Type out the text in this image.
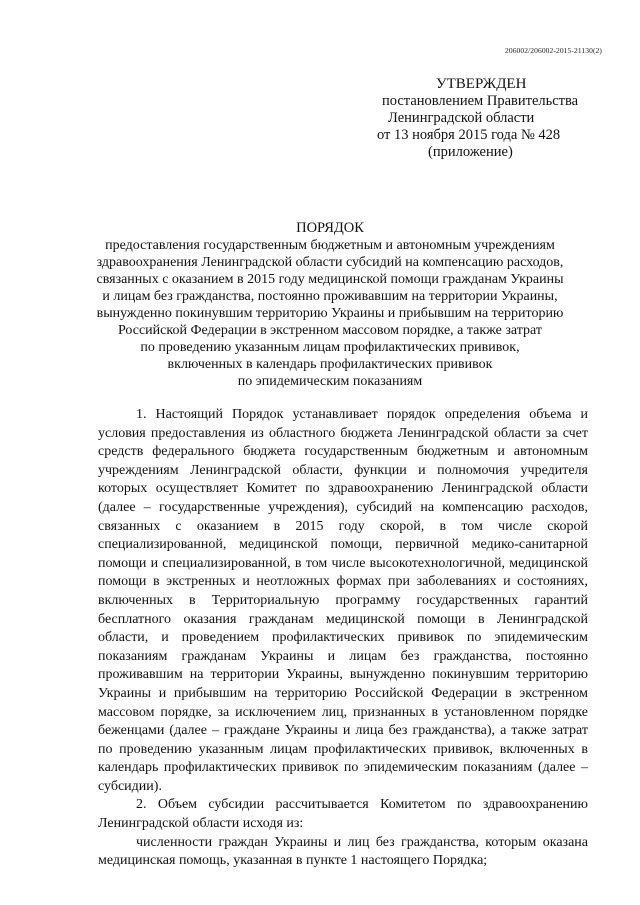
206002/206002-2015-21130(2)
УТВЕРЖДЕН
постановлением Правительства
Ленинградской области
от 13 ноября 2015 года № 428
(приложение)
ПОРЯДОК
предоставления государственным бюджетным и автономным учреждениям
здравоохранения Ленинградской области субсидий на компенсацию расходов,
связанных с оказанием в 2015 году медицинской помощи гражданам Украины
и лицам без гражданства, постоянно проживавшим на территории Украины,
вынужденно покинувшим территорию Украины и прибывшим на территорию
Российской Федерации в экстренном массовом порядке, а также затрат
по проведению указанным лицам профилактических прививок,
включенных в календарь профилактических прививок
по эпидемическим показаниям

1. Настоящий Порядок устанавливает порядок определения объема и условия предоставления из областного бюджета Ленинградской области за счет средств федерального бюджета государственным бюджетным и автономным учреждениям Ленинградской области, функции и полномочия учредителя которых осуществляет Комитет по здравоохранению Ленинградской области (далее – государственные учреждения), субсидий на компенсацию расходов, связанных с оказанием в 2015 году скорой, в том числе скорой специализированной, медицинской помощи, первичной медико-санитарной помощи и специализированной, в том числе высокотехнологичной, медицинской помощи в экстренных и неотложных формах при заболеваниях и состояниях, включенных в Территориальную программу государственных гарантий бесплатного оказания гражданам медицинской помощи в Ленинградской области, и проведением профилактических прививок по эпидемическим показаниям гражданам Украины и лицам без гражданства, постоянно проживавшим на территории Украины, вынужденно покинувшим территорию Украины и прибывшим на территорию Российской Федерации в экстренном массовом порядке, за исключением лиц, признанных в установленном порядке беженцами (далее – граждане Украины и лица без гражданства), а также затрат по проведению указанным лицам профилактических прививок, включенных в календарь профилактических прививок по эпидемическим показаниям (далее – субсидии).

2. Объем субсидии рассчитывается Комитетом по здравоохранению Ленинградской области исходя из:

численности граждан Украины и лиц без гражданства, которым оказана медицинская помощь, указанная в пункте 1 настоящего Порядка;
